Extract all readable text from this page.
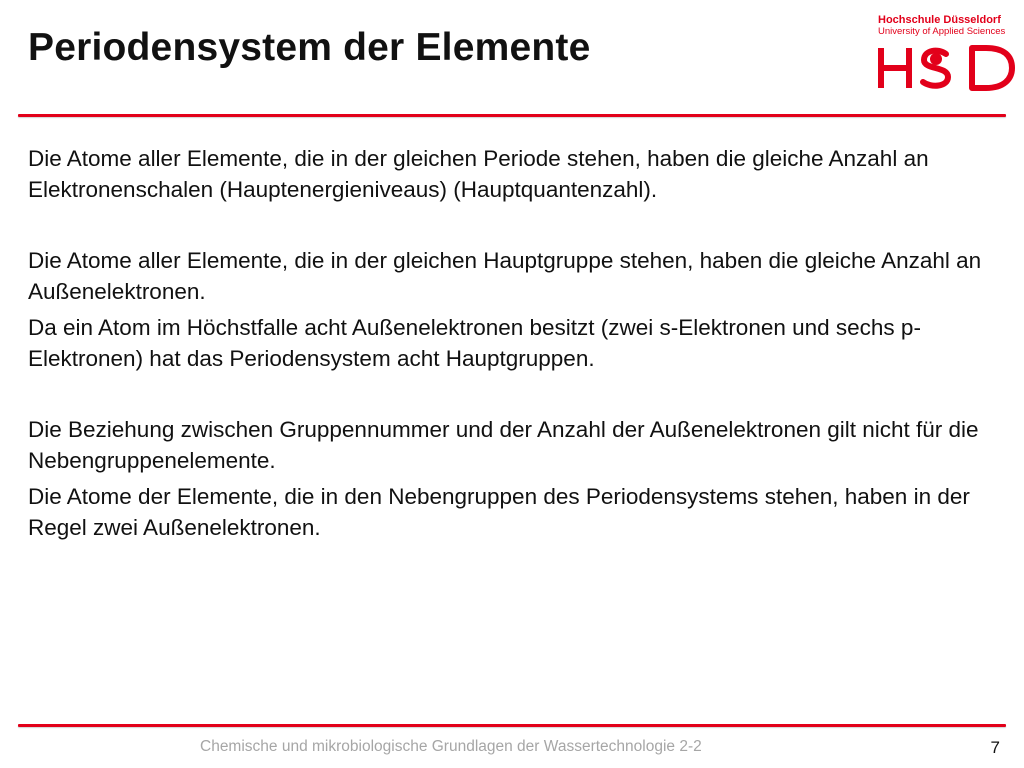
Periodensystem der Elemente
Hochschule Düsseldorf
University of Applied Sciences

Die Atome aller Elemente, die in der gleichen Periode stehen, haben die gleiche Anzahl an Elektronenschalen (Hauptenergieniveaus) (Hauptquantenzahl).

Die Atome aller Elemente, die in der gleichen Hauptgruppe stehen, haben die gleiche Anzahl an Außenelektronen.

Da ein Atom im Höchstfalle acht Außenelektronen besitzt (zwei s-Elektronen und sechs p-Elektronen) hat das Periodensystem acht Hauptgruppen.

Die Beziehung zwischen Gruppennummer und der Anzahl der Außenelektronen gilt nicht für die Nebengruppenelemente.

Die Atome der Elemente, die in den Nebengruppen des Periodensystems stehen, haben in der Regel zwei Außenelektronen.

Chemische und mikrobiologische Grundlagen der Wassertechnologie 2-2	7
